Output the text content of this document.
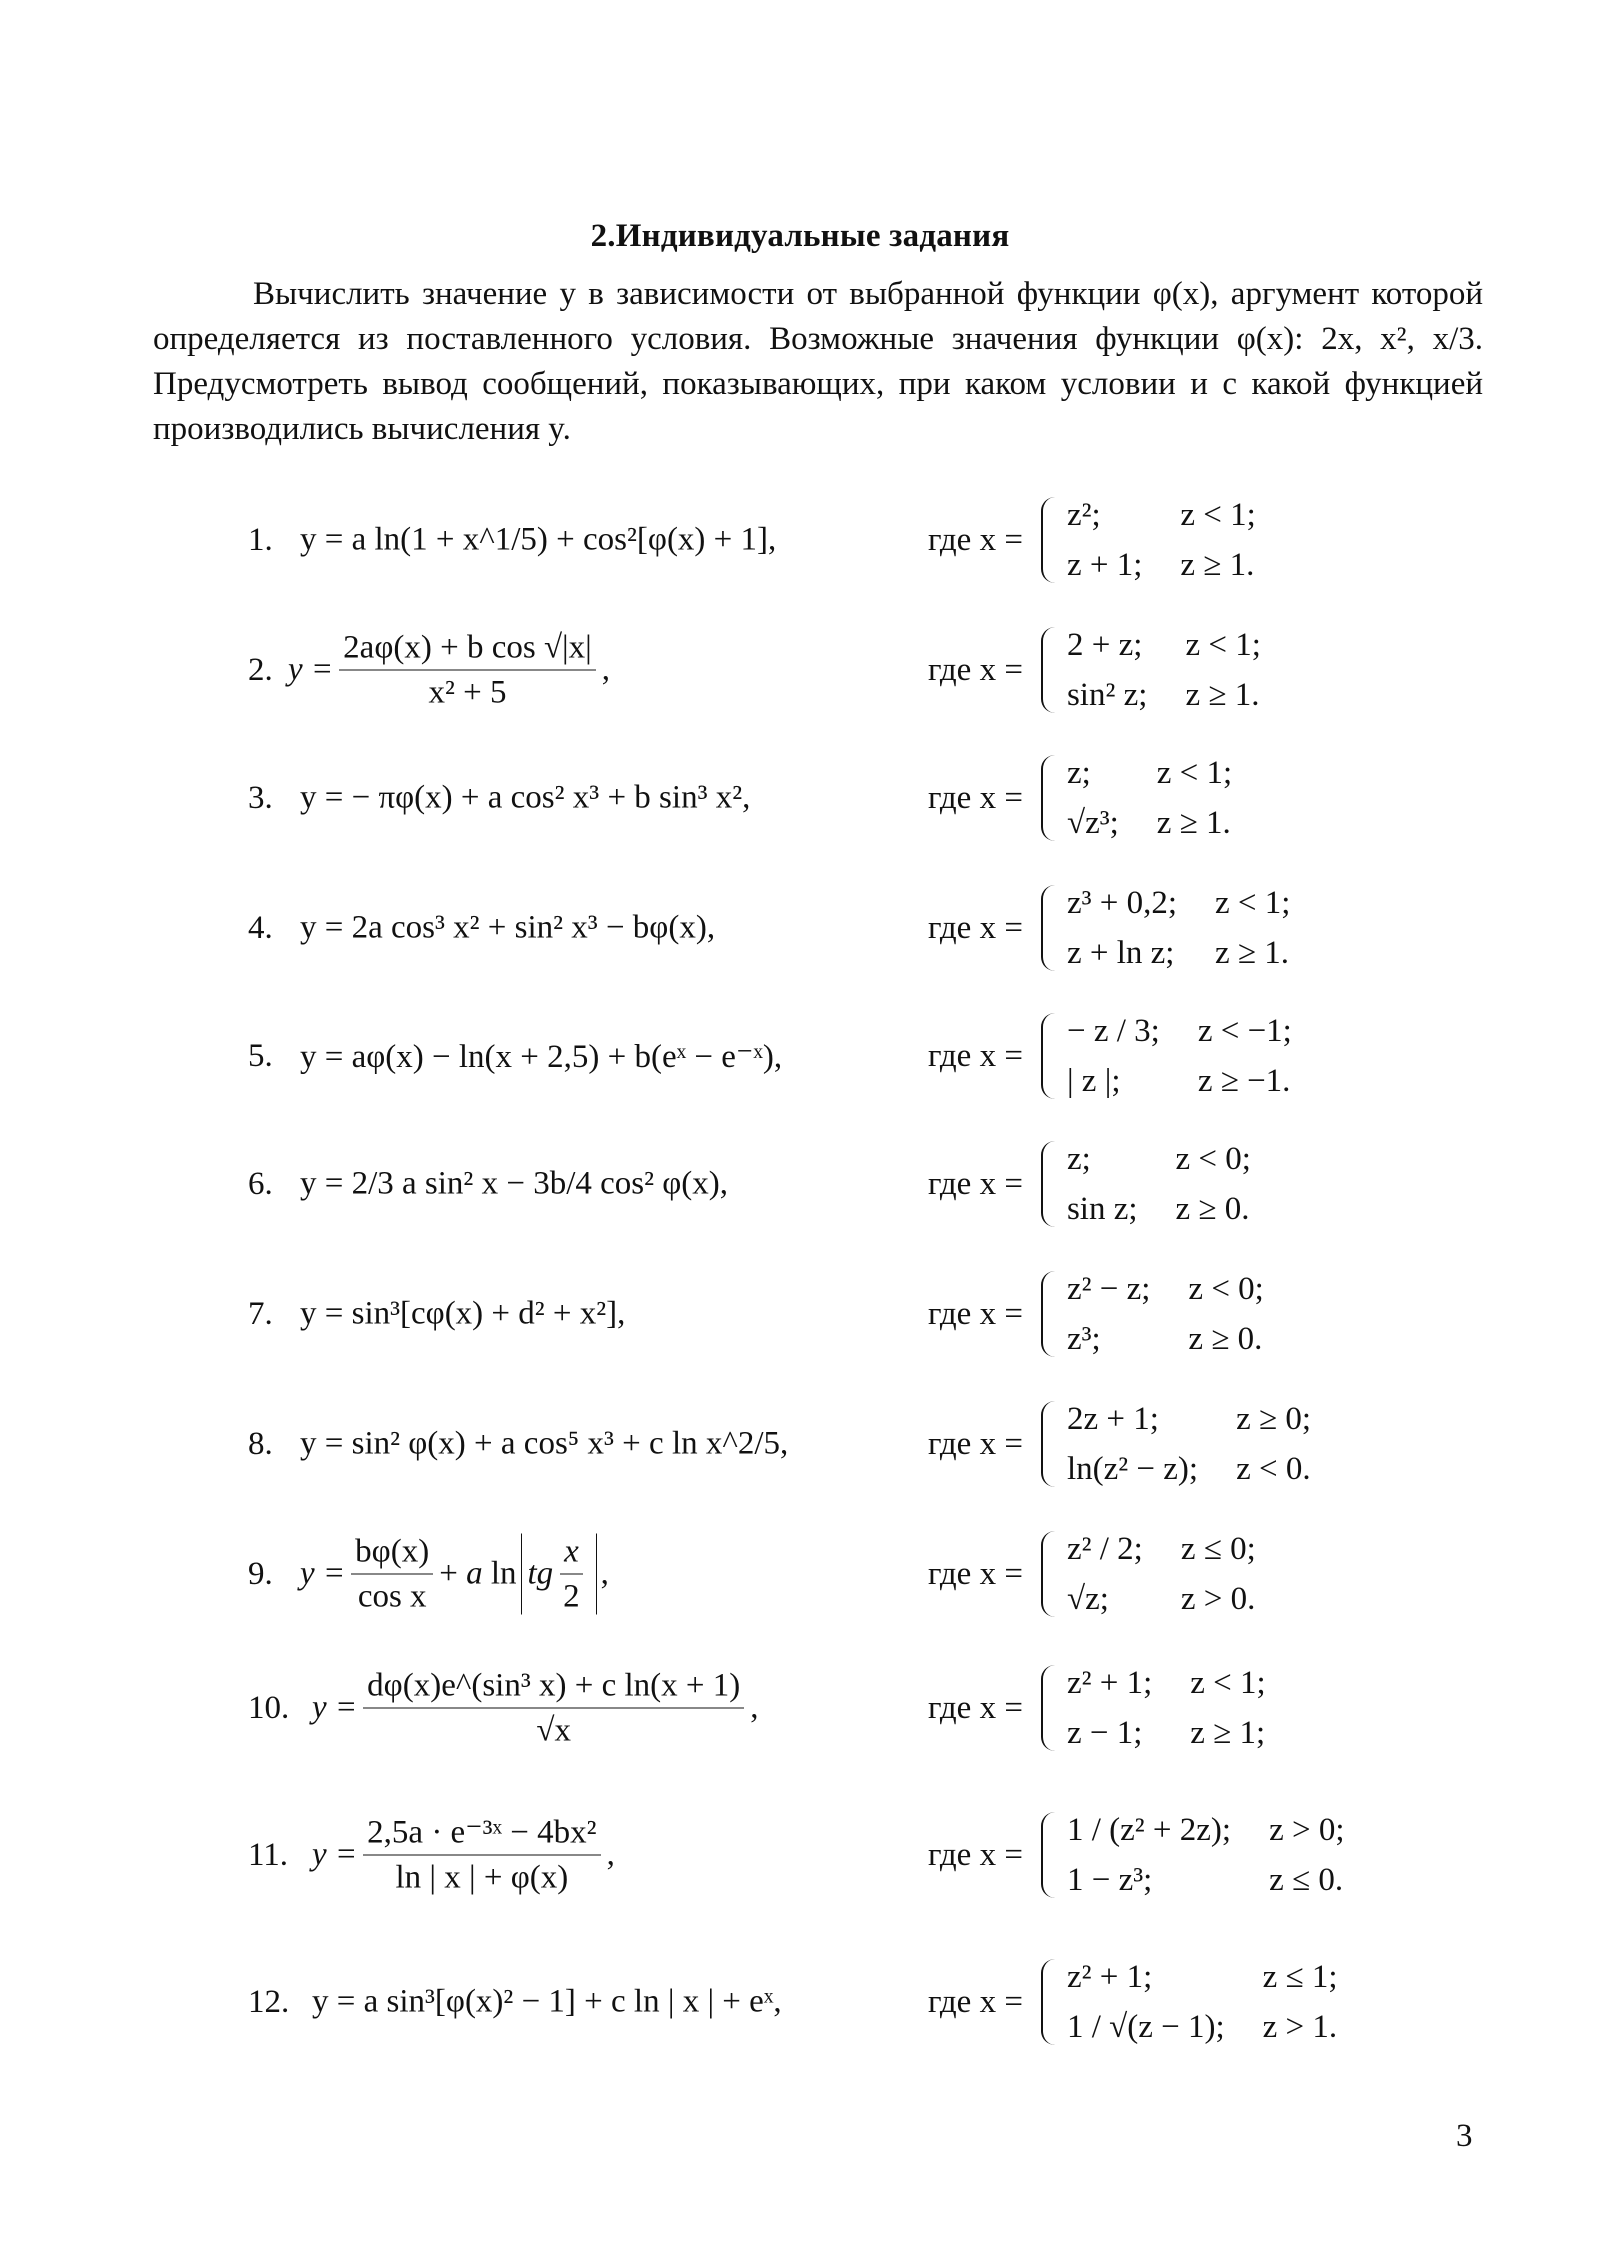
2.Индивидуальные задания

Вычислить значение y в зависимости от выбранной функции φ(x), аргумент которой определяется из поставленного условия. Возможные значения функции φ(x): 2x, x², x/3. Предусмотреть вывод сообщений, показывающих, при каком условии и с какой функцией производились вычисления y.

1. y = a ln(1 + x^1/5) + cos²[φ(x) + 1],	где x =
z²;	z < 1;
z + 1; z ≥ 1.
2. $y = \frac{\text{2aφ(x) + b cos √|x|}}{\text{x² + 5}}$ ,	где x =
2 + z; z < 1;
sin² z; z ≥ 1.
3. y = − πφ(x) + a cos² x³ + b sin³ x²,	где x =
z;	z < 1;
√z³; z ≥ 1.
4. y = 2a cos³ x² + sin² x³ − bφ(x),	где x =
z³ + 0,2; z < 1;
z + ln z; z ≥ 1.
5. y = aφ(x) − ln(x + 2,5) + b(eˣ − e⁻ˣ),	где x =
− z / 3; z < −1;
| z |;	z ≥ −1.
6. y = 2/3 a sin² x − 3b/4 cos² φ(x),	где x =
z;	z < 0;
sin z; z ≥ 0.
7. y = sin³[cφ(x) + d² + x²],	где x =
z² − z; z < 0;
z³;	z ≥ 0.
8. y = sin² φ(x) + a cos⁵ x³ + c ln x^2/5,	где x =
2z + 1;	z ≥ 0;
ln(z² − z); z < 0.
9. $y = \frac{b\varphi(x)}{\text{cos x}} + a$ ln tg $\frac{x}{2}$ ,	где x =
z² / 2; z ≤ 0;
√z;	z > 0.
10. $y = \frac{\text{dφ(x)e\textasciicircum{}(sin³ x) + c ln(x + 1)}}{√x}$ ,	где x =
z² + 1; z < 1;
z − 1; z ≥ 1;
11. $y = \frac{\text{2,5a · e⁻³ˣ − 4bx²}}{\ln | x | + \varphi(x)}$ ,	где x =
1 / (z² + 2z); z > 0;
1 − z³;	z ≤ 0.
12. y = a sin³[φ(x)² − 1] + c ln | x | + eˣ,	где x =
z² + 1;	z ≤ 1;
1 / √(z − 1); z > 1.
3
